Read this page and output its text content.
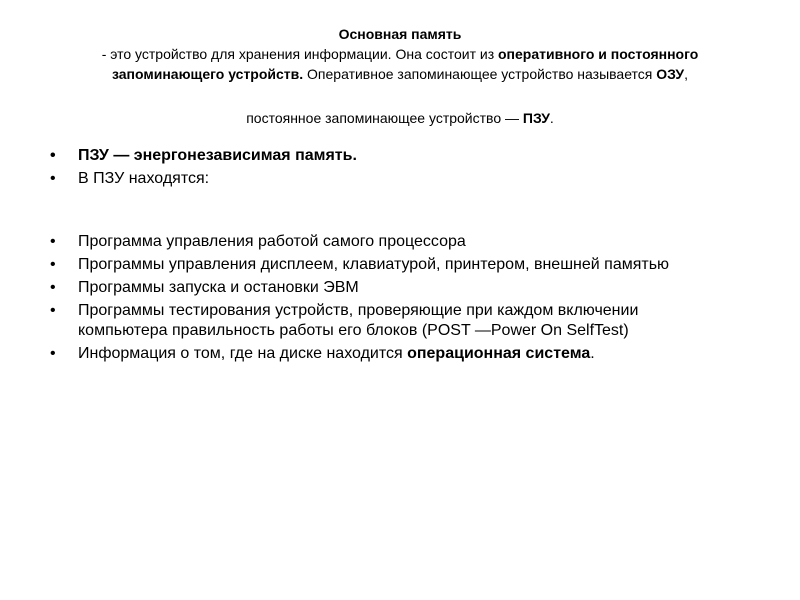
Основная память
- это устройство для хранения информации. Она состоит из оперативного и постоянного
запоминающего устройств. Оперативное запоминающее устройство называется ОЗУ,
постоянное запоминающее устройство — ПЗУ.
• ПЗУ — энергонезависимая память.
• В ПЗУ находятся:
• Программа управления работой самого процессора
• Программы управления дисплеем, клавиатурой, принтером, внешней памятью
• Программы запуска и остановки ЭВМ
• Программы тестирования устройств, проверяющие при каждом включении
компьютера правильность работы его блоков (POST —Power On SelfTest)
• Информация о том, где на диске находится операционная система.
